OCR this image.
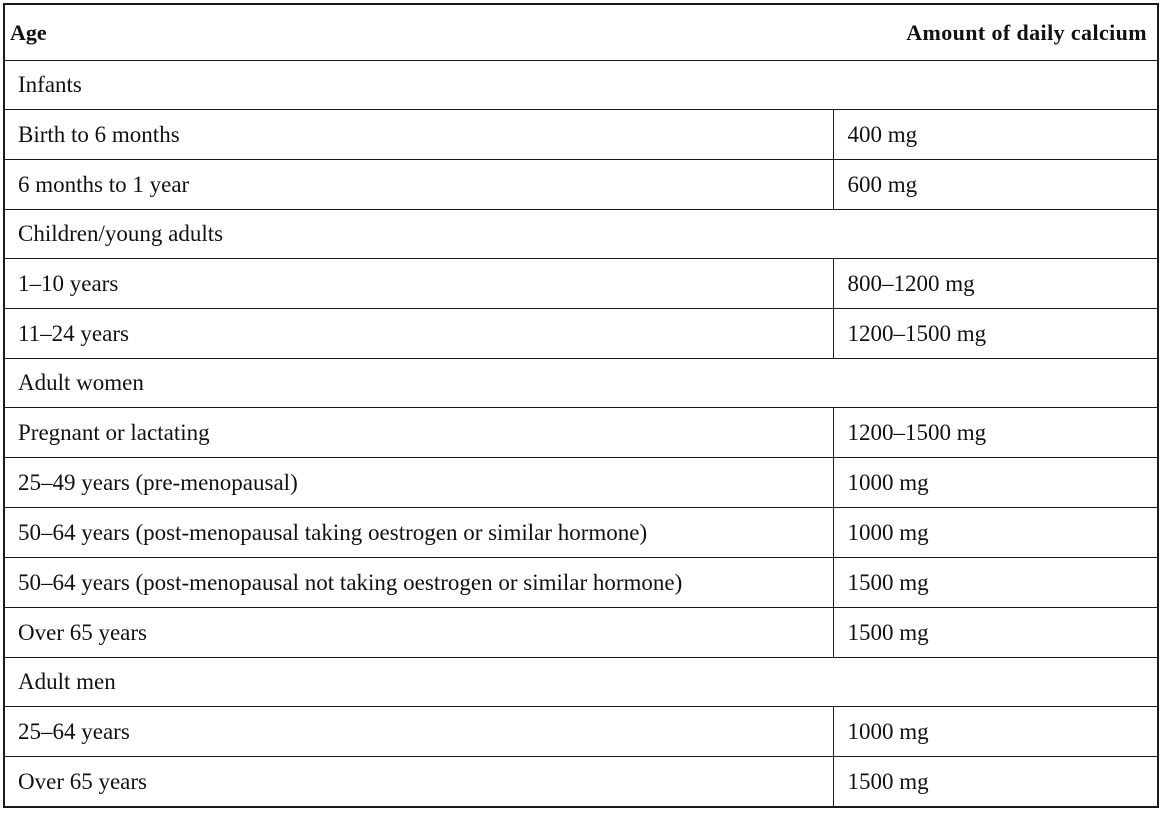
Age	Amount of daily calcium
Infants	
Birth to 6 months	400 mg
6 months to 1 year	600 mg
Children/young adults	
1–10 years	800–1200 mg
11–24 years	1200–1500 mg
Adult women	
Pregnant or lactating	1200–1500 mg
25–49 years (pre-menopausal)	1000 mg
50–64 years (post-menopausal taking oestrogen or similar hormone)	1000 mg
50–64 years (post-menopausal not taking oestrogen or similar hormone)	1500 mg
Over 65 years	1500 mg
Adult men	
25–64 years	1000 mg
Over 65 years	1500 mg
